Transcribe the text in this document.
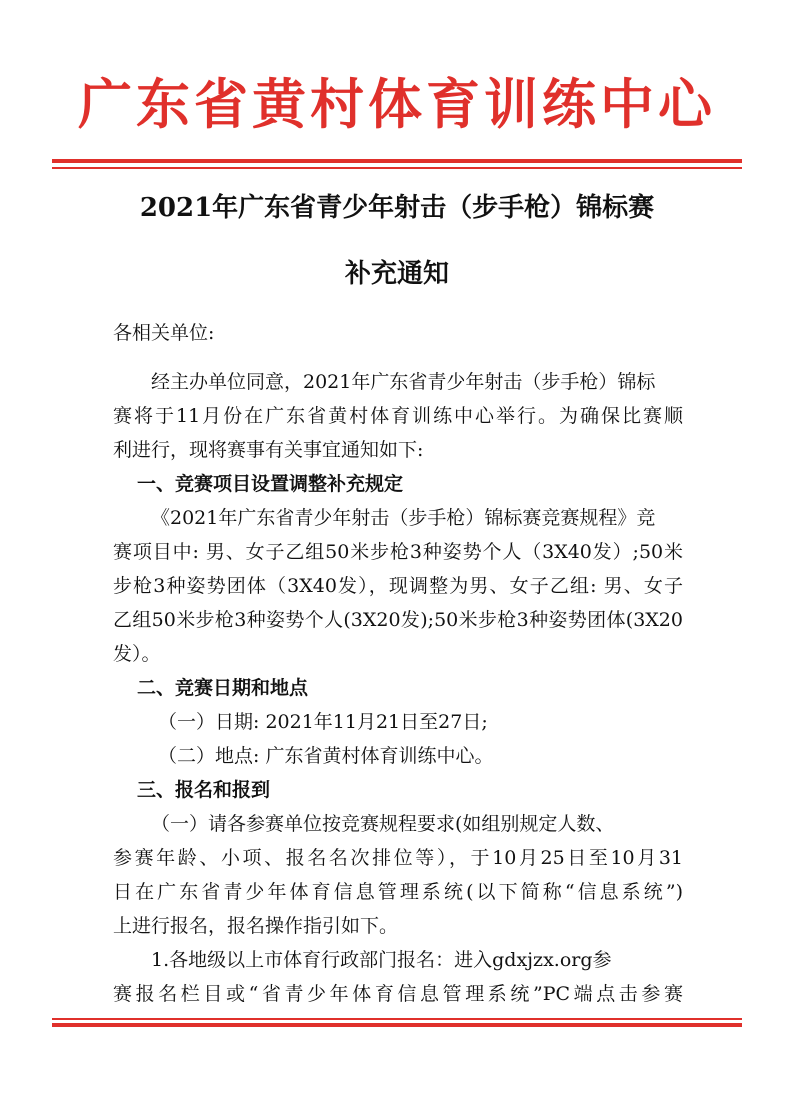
广东省黄村体育训练中心
2021年广东省青少年射击（步手枪）锦标赛
补充通知
各相关单位:
经主办单位同意，2021年广东省青少年射击（步手枪）锦标
赛将于11月份在广东省黄村体育训练中心举行。为确保比赛顺
利进行，现将赛事有关事宜通知如下:
一、竞赛项目设置调整补充规定
《2021年广东省青少年射击（步手枪）锦标赛竞赛规程》竞
赛项目中: 男、女子乙组50米步枪3种姿势个人（3X40发）;50米
步枪3种姿势团体（3X40发），现调整为男、女子乙组: 男、女子
乙组50米步枪3种姿势个人(3X20发);50米步枪3种姿势团体(3X20
发）。
二、竞赛日期和地点
（一）日期: 2021年11月21日至27日;
（二）地点: 广东省黄村体育训练中心。
三、报名和报到
（一）请各参赛单位按竞赛规程要求(如组别规定人数、
参赛年龄、小项、报名名次排位等），于10月25日至10月31
日在广东省青少年体育信息管理系统(以下简称“信息系统”)
上进行报名，报名操作指引如下。
1.各地级以上市体育行政部门报名：进入gdxjzx.org参
赛报名栏目或“省青少年体育信息管理系统”PC端点击参赛
